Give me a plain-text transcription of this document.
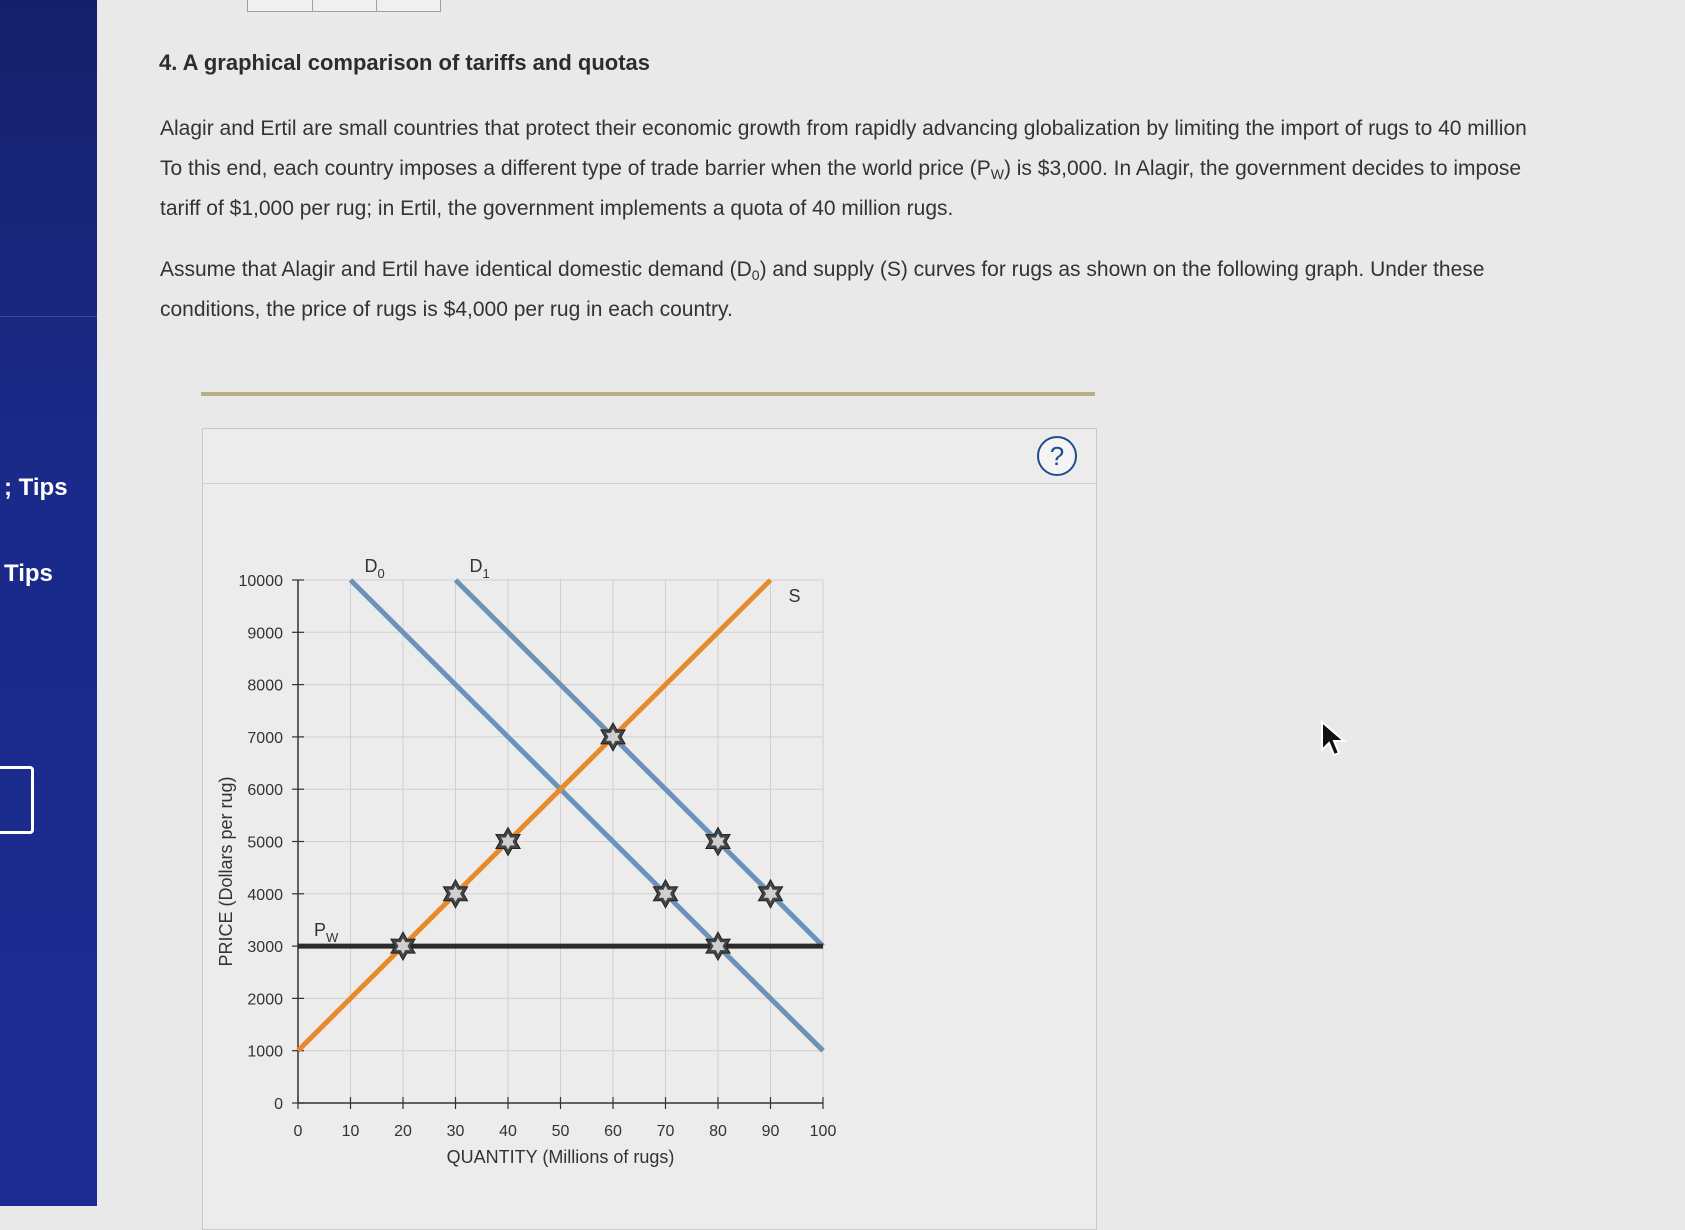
; Tips
Tips
4. A graphical comparison of tariffs and quotas
Alagir and Ertil are small countries that protect their economic growth from rapidly advancing globalization by limiting the import of rugs to 40 million
To this end, each country imposes a different type of trade barrier when the world price $(P_W)$ is $3,000. In Alagir, the government decides to impose
tariff of $1,000 per rug; in Ertil, the government implements a quota of 40 million rugs.
Assume that Alagir and Ertil have identical domestic demand $(D_0)$ and supply (S) curves for rugs as shown on the following graph. Under these
conditions, the price of rugs is $4,000 per rug in each country.
?
0
1000
2000
3000
4000
5000
6000
7000
8000
9000
10000
0 10 20 30 40 50 60 70 80 90 100
QUANTITY (Millions of rugs)
PRICE (Dollars per rug)
$D_0$	$D_1$
S
$P_W$
